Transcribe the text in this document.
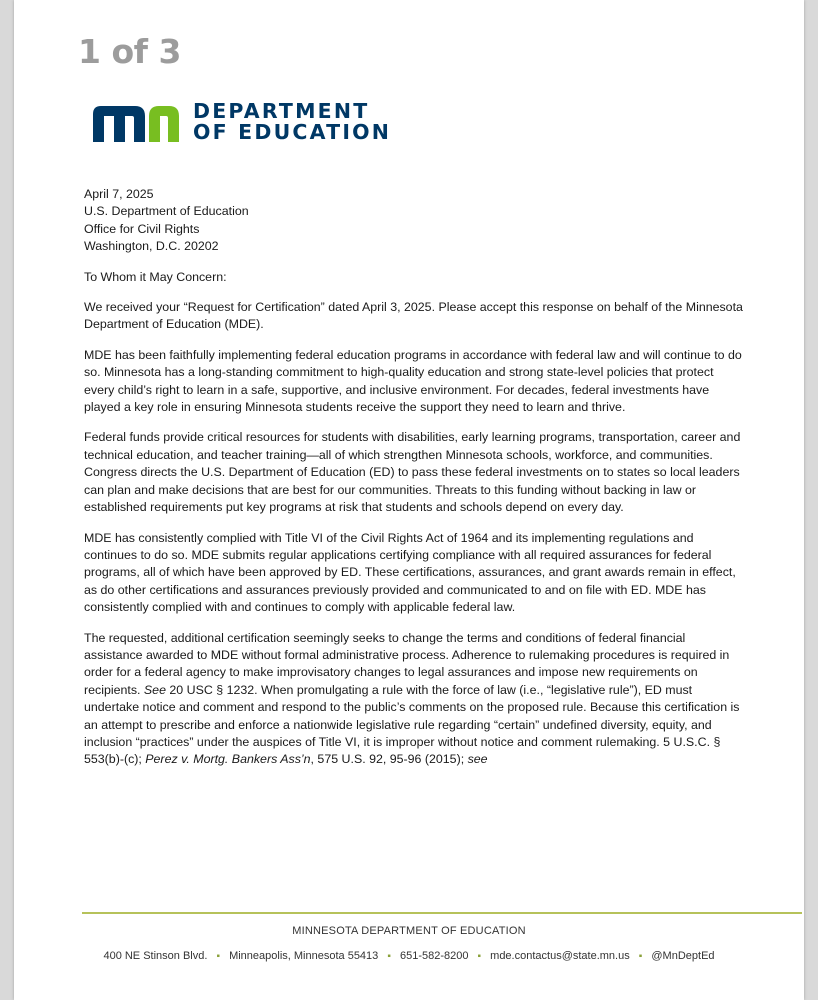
1 of 3
DEPARTMENT
OF EDUCATION
April 7, 2025
U.S. Department of Education
Office for Civil Rights
Washington, D.C. 20202

To Whom it May Concern:

We received your “Request for Certification” dated April 3, 2025. Please accept this response on behalf of the Minnesota Department of Education (MDE).

MDE has been faithfully implementing federal education programs in accordance with federal law and will continue to do so. Minnesota has a long-standing commitment to high-quality education and strong state-level policies that protect every child’s right to learn in a safe, supportive, and inclusive environment. For decades, federal investments have played a key role in ensuring Minnesota students receive the support they need to learn and thrive.

Federal funds provide critical resources for students with disabilities, early learning programs, transportation, career and technical education, and teacher training—all of which strengthen Minnesota schools, workforce, and communities. Congress directs the U.S. Department of Education (ED) to pass these federal investments on to states so local leaders can plan and make decisions that are best for our communities. Threats to this funding without backing in law or established requirements put key programs at risk that students and schools depend on every day.

MDE has consistently complied with Title VI of the Civil Rights Act of 1964 and its implementing regulations and continues to do so. MDE submits regular applications certifying compliance with all required assurances for federal programs, all of which have been approved by ED. These certifications, assurances, and grant awards remain in effect, as do other certifications and assurances previously provided and communicated to and on file with ED. MDE has consistently complied with and continues to comply with applicable federal law.

The requested, additional certification seemingly seeks to change the terms and conditions of federal financial assistance awarded to MDE without formal administrative process. Adherence to rulemaking procedures is required in order for a federal agency to make improvisatory changes to legal assurances and impose new requirements on recipients. See 20 USC § 1232. When promulgating a rule with the force of law (i.e., “legislative rule”), ED must undertake notice and comment and respond to the public’s comments on the proposed rule. Because this certification is an attempt to prescribe and enforce a nationwide legislative rule regarding “certain” undefined diversity, equity, and inclusion “practices” under the auspices of Title VI, it is improper without notice and comment rulemaking. 5 U.S.C. § 553(b)-(c); Perez v. Mortg. Bankers Ass’n, 575 U.S. 92, 95-96 (2015); see

MINNESOTA DEPARTMENT OF EDUCATION
400 NE Stinson Blvd. ▪ Minneapolis, Minnesota 55413 ▪ 651-582-8200 ▪ mde.contactus@state.mn.us ▪ @MnDeptEd
